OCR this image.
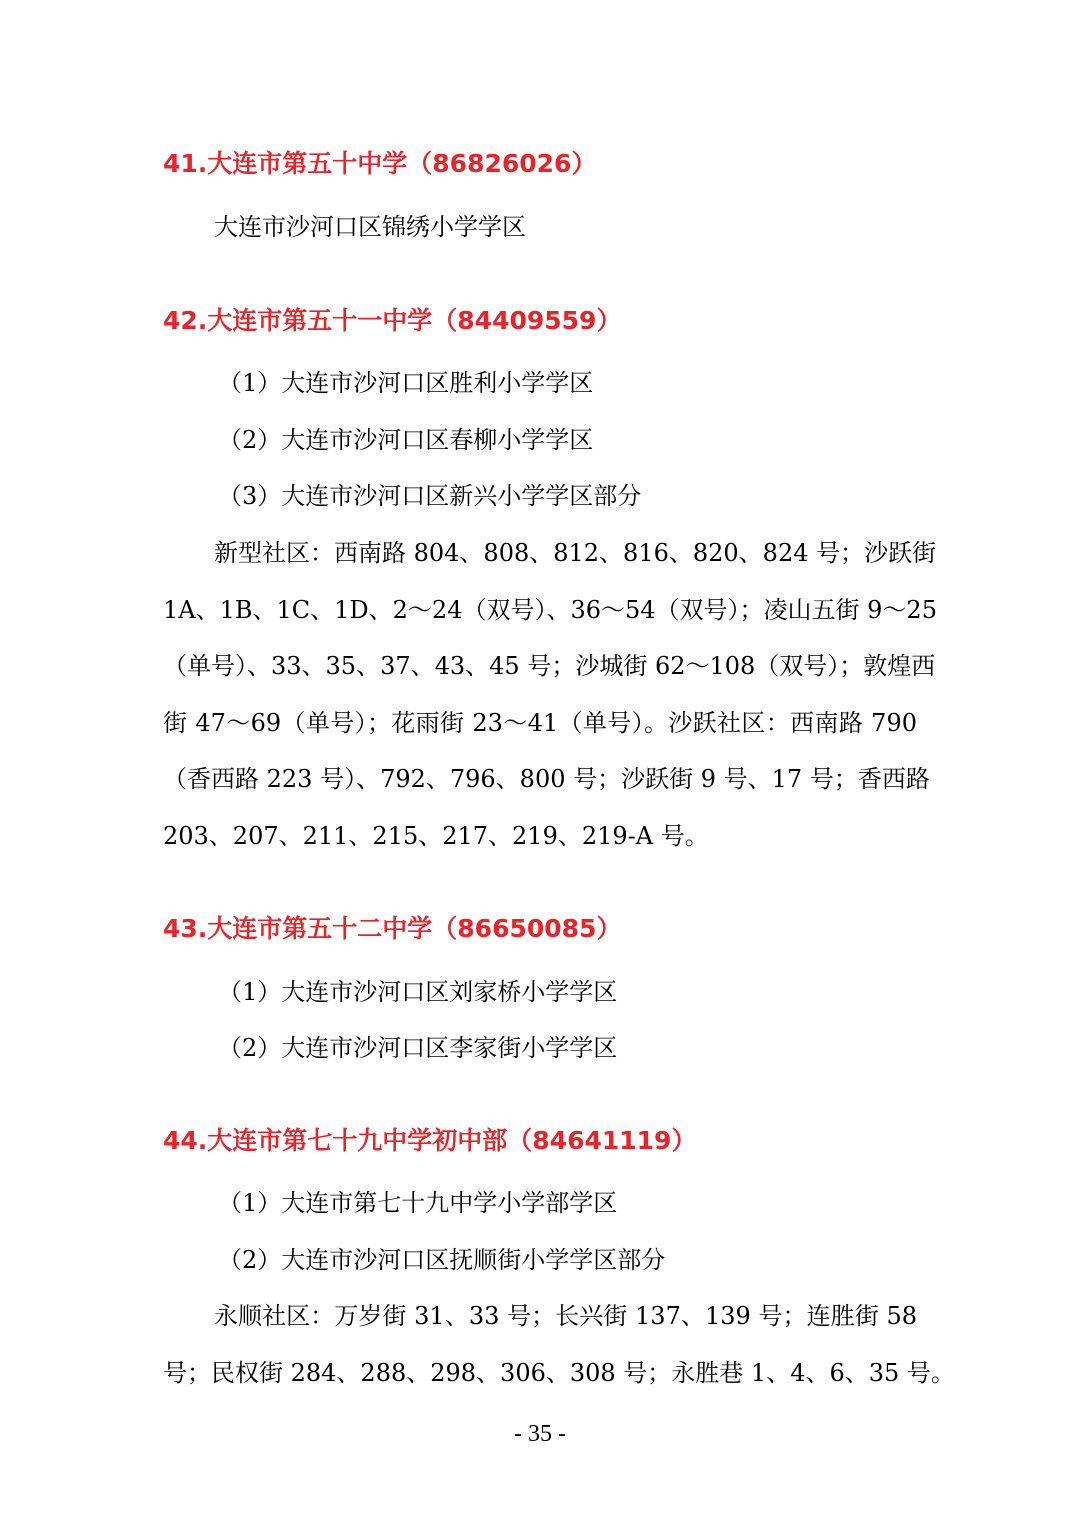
41.大连市第五十中学（86826026）
大连市沙河口区锦绣小学学区
42.大连市第五十一中学（84409559）
（1）大连市沙河口区胜利小学学区
（2）大连市沙河口区春柳小学学区
（3）大连市沙河口区新兴小学学区部分
新型社区：西南路 804、808、812、816、820、824 号；沙跃街
1A、1B、1C、1D、2～24（双号）、36～54（双号）；凌山五街 9～25
（单号）、33、35、37、43、45 号；沙城街 62～108（双号）；敦煌西
街 47～69（单号）；花雨街 23～41（单号）。沙跃社区：西南路 790
（香西路 223 号）、792、796、800 号；沙跃街 9 号、17 号；香西路
203、207、211、215、217、219、219-A 号。
43.大连市第五十二中学（86650085）
（1）大连市沙河口区刘家桥小学学区
（2）大连市沙河口区李家街小学学区
44.大连市第七十九中学初中部（84641119）
（1）大连市第七十九中学小学部学区
（2）大连市沙河口区抚顺街小学学区部分
永顺社区：万岁街 31、33 号；长兴街 137、139 号；连胜街 58
号；民权街 284、288、298、306、308 号；永胜巷 1、4、6、35 号。
- 35 -
